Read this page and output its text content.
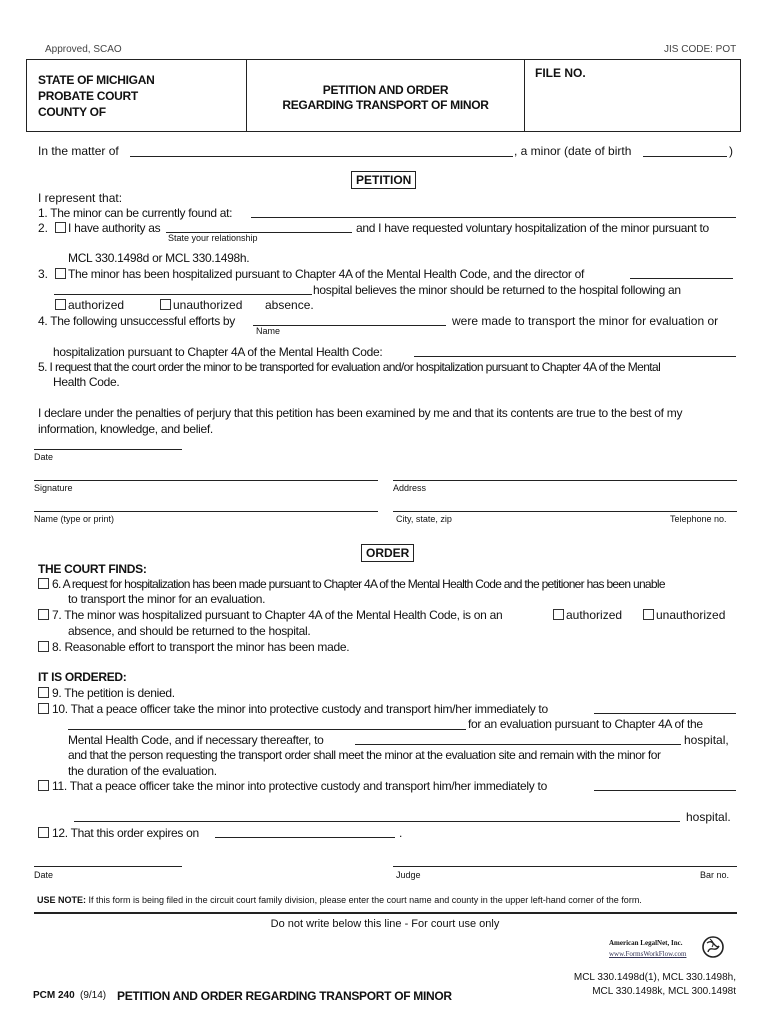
Approved, SCAO	JIS CODE: POT
STATE OF MICHIGAN
PROBATE COURT
COUNTY OF
PETITION AND ORDER
REGARDING TRANSPORT OF MINOR
FILE NO.
In the matter of	, a minor (date of birth	)
PETITION
I represent that:
1. The minor can be currently found at:
2. I have authority as
State your relationship
and I have requested voluntary hospitalization of the minor pursuant to
MCL 330.1498d or MCL 330.1498h.
3. The minor has been hospitalized pursuant to Chapter 4A of the Mental Health Code, and the director of
hospital believes the minor should be returned to the hospital following an
authorized	unauthorized absence.
4. The following unsuccessful efforts by
Name
were made to transport the minor for evaluation or
hospitalization pursuant to Chapter 4A of the Mental Health Code:
5. I request that the court order the minor to be transported for evaluation and/or hospitalization pursuant to Chapter 4A of the Mental
Health Code.
I declare under the penalties of perjury that this petition has been examined by me and that its contents are true to the best of my
information, knowledge, and belief.
Date
Signature	Address
Name (type or print)	City, state, zip	Telephone no.
ORDER
THE COURT FINDS:
6. A request for hospitalization has been made pursuant to Chapter 4A of the Mental Health Code and the petitioner has been unable
to transport the minor for an evaluation.
7. The minor was hospitalized pursuant to Chapter 4A of the Mental Health Code, is on an	authorized	unauthorized
absence, and should be returned to the hospital.
8. Reasonable effort to transport the minor has been made.
IT IS ORDERED:
9. The petition is denied.
10. That a peace officer take the minor into protective custody and transport him/her immediately to
for an evaluation pursuant to Chapter 4A of the
Mental Health Code, and if necessary thereafter, to	hospital,
and that the person requesting the transport order shall meet the minor at the evaluation site and remain with the minor for
the duration of the evaluation.
11. That a peace officer take the minor into protective custody and transport him/her immediately to
hospital.
12. That this order expires on	.
Date	Judge	Bar no.
USE NOTE: If this form is being filed in the circuit court family division, please enter the court name and county in the upper left-hand corner of the form.
Do not write below this line - For court use only
American LegalNet, Inc.
www.FormsWorkFlow.com
PCM 240 (9/14) PETITION AND ORDER REGARDING TRANSPORT OF MINOR
MCL 330.1498d(1), MCL 330.1498h,
MCL 330.1498k, MCL 300.1498t
